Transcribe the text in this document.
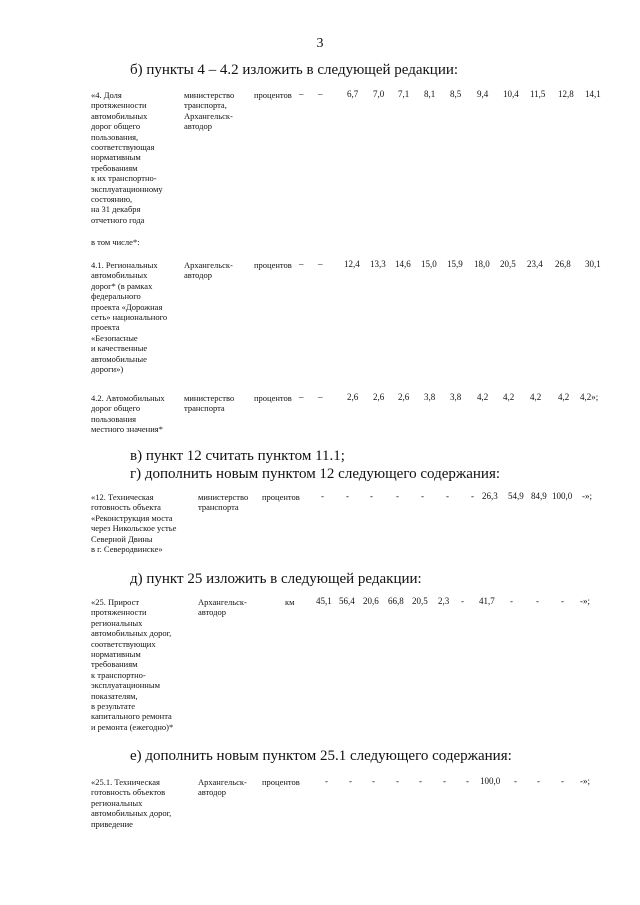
3
б) пункты 4 – 4.2 изложить в следующей редакции:
«4. Доля
протяженности
автомобильных
дорог общего
пользования,
соответствующая
нормативным
требованиям
к их транспортно-
эксплуатационному
состоянию,
на 31 декабря
отчетного года
в том числе*:
министерство
транспорта,
Архангельск-
автодор
процентов – –	6,7 7,0 7,1 8,1 8,5 9,4 10,4 11,5 12,8 14,1
4.1. Региональных
автомобильных
дорог* (в рамках
федерального
проекта «Дорожная
сеть» национального
проекта
«Безопасные
и качественные
автомобильные
дороги»)
Архангельск-
автодор
процентов – – 12,4 13,3 14,6 15,0 15,9 18,0 20,5 23,4 26,8 30,1
4.2. Автомобильных
дорог общего
пользования
местного значения*
министерство
транспорта
процентов – –	2,6 2,6 2,6 3,8 3,8 4,2 4,2 4,2 4,2 4,2»;
в) пункт 12 считать пунктом 11.1;
г) дополнить новым пунктом 12 следующего содержания:
«12. Техническая
готовность объекта
«Реконструкция моста
через Никольское устье
Северной Двины
в г. Северодвинске»
министерство
транспорта
процентов - - -	- - - - 26,3 54,9 84,9 100,0 -»;
д) пункт 25 изложить в следующей редакции:
«25. Прирост
протяженности
региональных
автомобильных дорог,
соответствующих
нормативным
требованиям
к транспортно-
эксплуатационным
показателям,
в результате
капитального ремонта
и ремонта (ежегодно)*
Архангельск-
автодор
км 45,1 56,4 20,6 66,8 20,5 2,3 - 41,7 -	- - -»;
е) дополнить новым пунктом 25.1 следующего содержания:
«25.1. Техническая
готовность объектов
региональных
автомобильных дорог,
приведение
Архангельск-
автодор
процентов	- - - - - - - 100,0 - - - -»;
